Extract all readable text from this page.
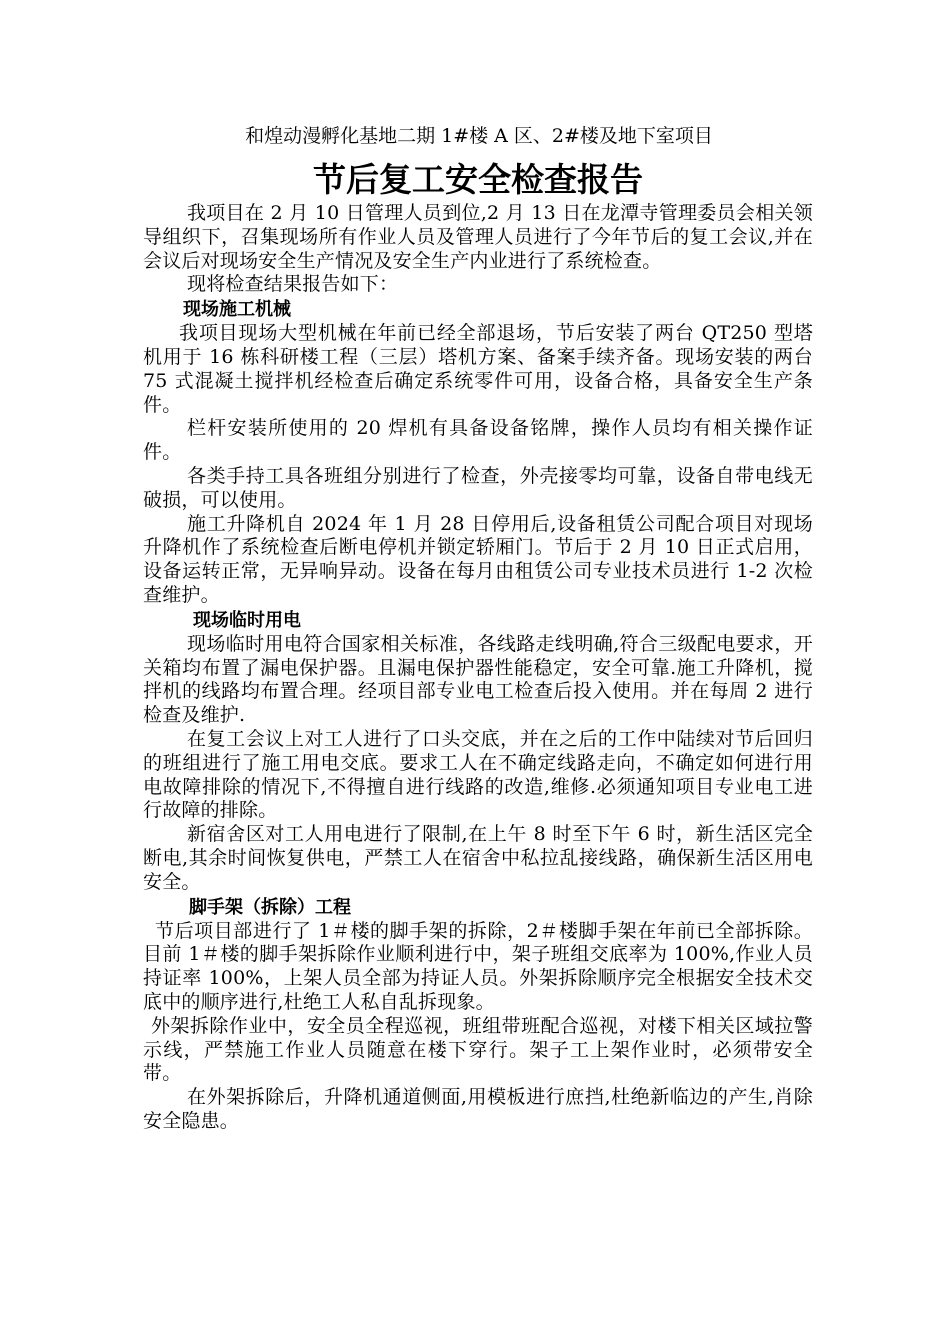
和煌动漫孵化基地二期 1#楼 A 区、2#楼及地下室项目
节后复工安全检查报告

我项目在 2 月 10 日管理人员到位,2 月 13 日在龙潭寺管理委员会相关领导组织下，召集现场所有作业人员及管理人员进行了今年节后的复工会议,并在会议后对现场安全生产情况及安全生产内业进行了系统检查。

现将检查结果报告如下：

现场施工机械

我项目现场大型机械在年前已经全部退场，节后安装了两台 QT250 型塔机用于 16 栋科研楼工程（三层）塔机方案、备案手续齐备。现场安装的两台 75 式混凝土搅拌机经检查后确定系统零件可用，设备合格，具备安全生产条件。

栏杆安装所使用的 20 焊机有具备设备铭牌，操作人员均有相关操作证件。

各类手持工具各班组分别进行了检查，外壳接零均可靠，设备自带电线无破损，可以使用。

施工升降机自 2024 年 1 月 28 日停用后,设备租赁公司配合项目对现场升降机作了系统检查后断电停机并锁定轿厢门。节后于 2 月 10 日正式启用，设备运转正常，无异响异动。设备在每月由租赁公司专业技术员进行 1-2 次检查维护。

现场临时用电

现场临时用电符合国家相关标准，各线路走线明确,符合三级配电要求，开关箱均布置了漏电保护器。且漏电保护器性能稳定，安全可靠.施工升降机，搅拌机的线路均布置合理。经项目部专业电工检查后投入使用。并在每周 2 进行检查及维护.

在复工会议上对工人进行了口头交底，并在之后的工作中陆续对节后回归的班组进行了施工用电交底。要求工人在不确定线路走向，不确定如何进行用电故障排除的情况下,不得擅自进行线路的改造,维修.必须通知项目专业电工进行故障的排除。

新宿舍区对工人用电进行了限制,在上午 8 时至下午 6 时，新生活区完全断电,其余时间恢复供电，严禁工人在宿舍中私拉乱接线路，确保新生活区用电安全。

脚手架（拆除）工程

节后项目部进行了 1＃楼的脚手架的拆除，2＃楼脚手架在年前已全部拆除。目前 1＃楼的脚手架拆除作业顺利进行中，架子班组交底率为 100%,作业人员持证率 100%，上架人员全部为持证人员。外架拆除顺序完全根据安全技术交底中的顺序进行,杜绝工人私自乱拆现象。

外架拆除作业中，安全员全程巡视，班组带班配合巡视，对楼下相关区域拉警示线，严禁施工作业人员随意在楼下穿行。架子工上架作业时，必须带安全带。

在外架拆除后，升降机通道侧面,用模板进行庶挡,杜绝新临边的产生,肖除安全隐患。
